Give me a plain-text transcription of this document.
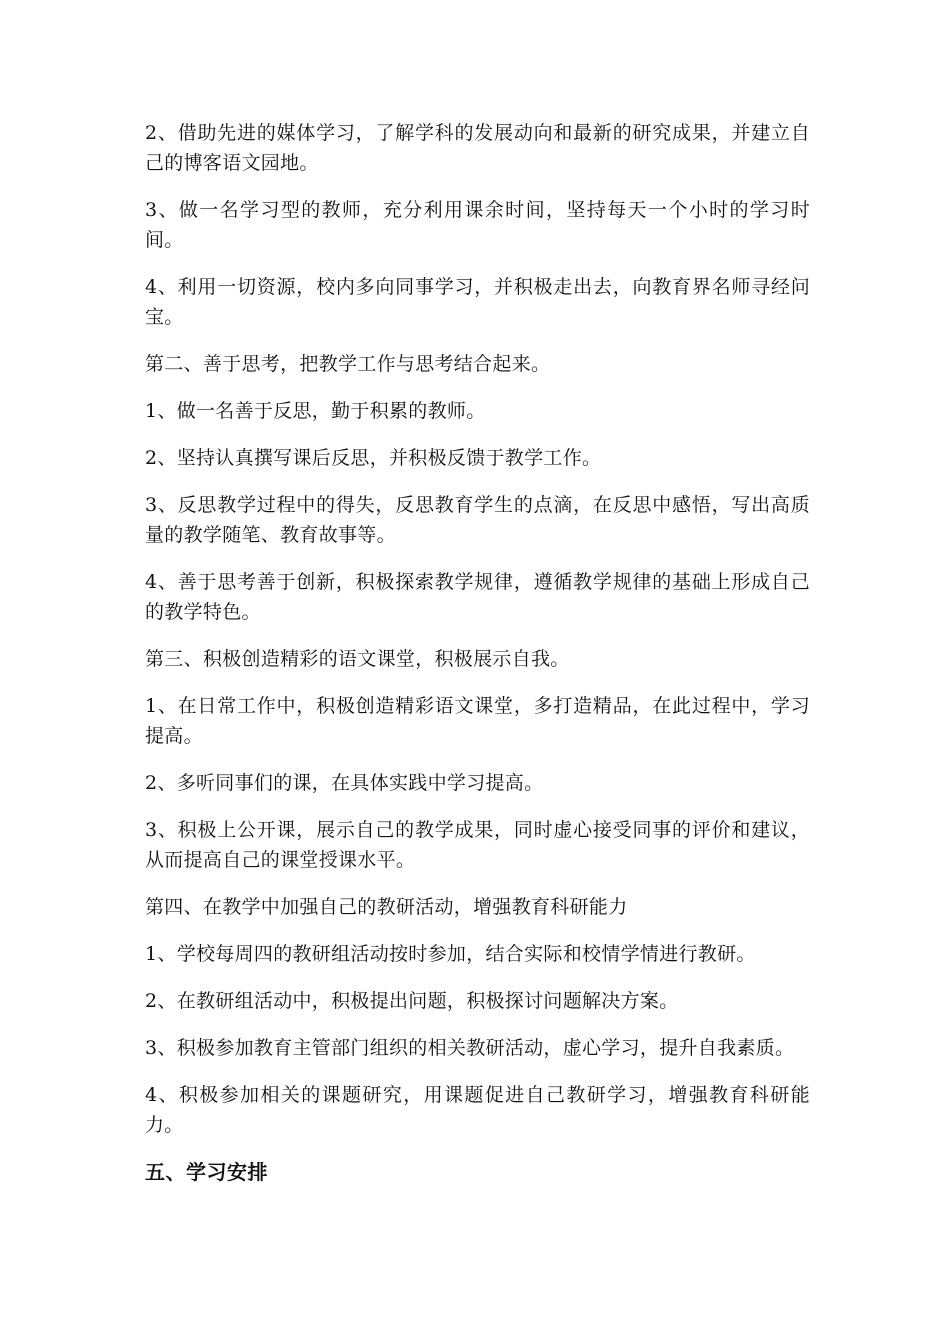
2、借助先进的媒体学习，了解学科的发展动向和最新的研究成果，并建立自己的博客语文园地。

3、做一名学习型的教师，充分利用课余时间，坚持每天一个小时的学习时间。

4、利用一切资源，校内多向同事学习，并积极走出去，向教育界名师寻经问宝。

第二、善于思考，把教学工作与思考结合起来。

1、做一名善于反思，勤于积累的教师。

2、坚持认真撰写课后反思，并积极反馈于教学工作。

3、反思教学过程中的得失，反思教育学生的点滴，在反思中感悟，写出高质量的教学随笔、教育故事等。

4、善于思考善于创新，积极探索教学规律，遵循教学规律的基础上形成自己的教学特色。

第三、积极创造精彩的语文课堂，积极展示自我。

1、在日常工作中，积极创造精彩语文课堂，多打造精品，在此过程中，学习提高。

2、多听同事们的课，在具体实践中学习提高。

3、积极上公开课，展示自己的教学成果，同时虚心接受同事的评价和建议，从而提高自己的课堂授课水平。

第四、在教学中加强自己的教研活动，增强教育科研能力

1、学校每周四的教研组活动按时参加，结合实际和校情学情进行教研。

2、在教研组活动中，积极提出问题，积极探讨问题解决方案。

3、积极参加教育主管部门组织的相关教研活动，虚心学习，提升自我素质。

4、积极参加相关的课题研究，用课题促进自己教研学习，增强教育科研能力。

五、学习安排
